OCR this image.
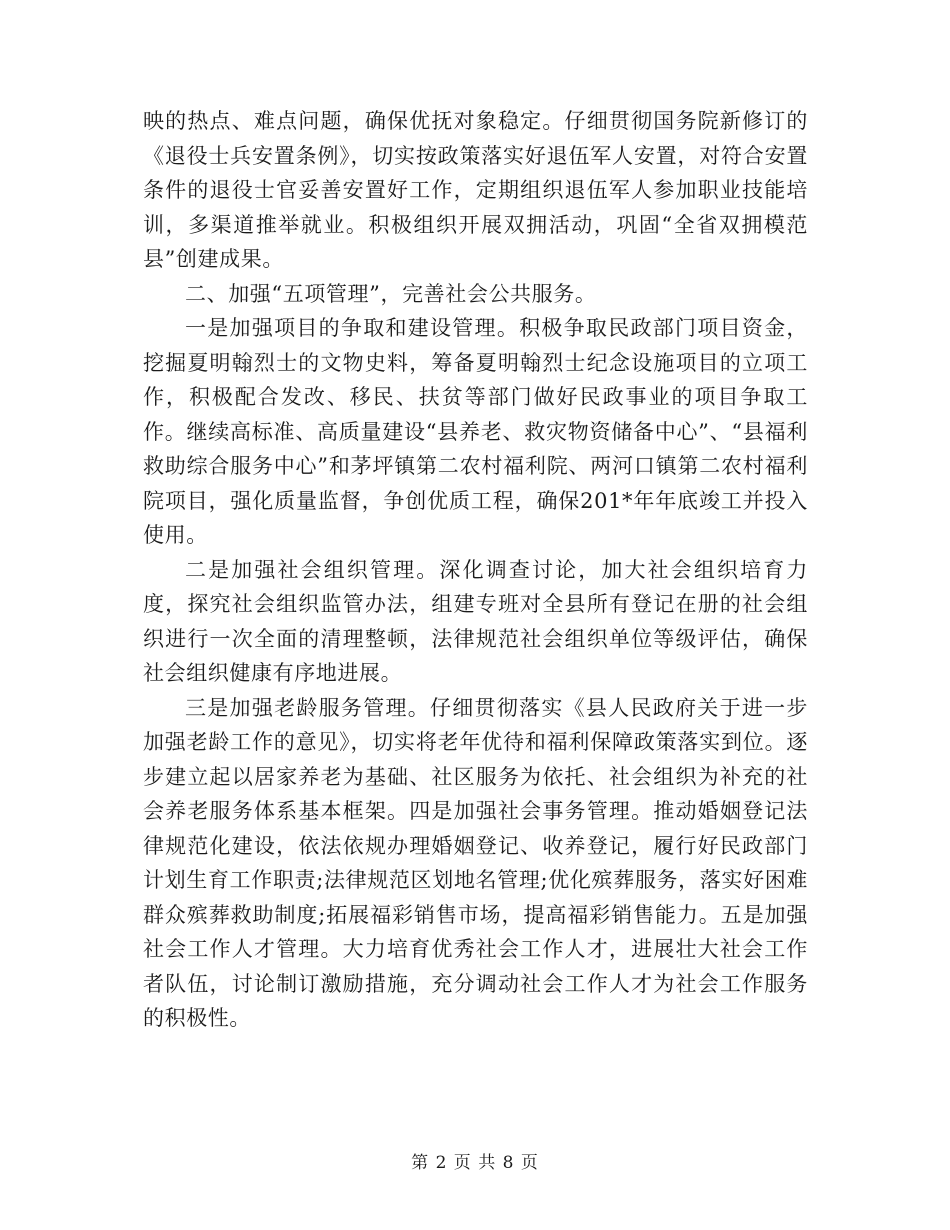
映的热点、难点问题，确保优抚对象稳定。仔细贯彻国务院新修订的《退役士兵安置条例》，切实按政策落实好退伍军人安置，对符合安置条件的退役士官妥善安置好工作，定期组织退伍军人参加职业技能培训，多渠道推举就业。积极组织开展双拥活动，巩固“全省双拥模范县”创建成果。

二、加强“五项管理”，完善社会公共服务。

一是加强项目的争取和建设管理。积极争取民政部门项目资金，挖掘夏明翰烈士的文物史料，筹备夏明翰烈士纪念设施项目的立项工作，积极配合发改、移民、扶贫等部门做好民政事业的项目争取工作。继续高标准、高质量建设“县养老、救灾物资储备中心”、“县福利救助综合服务中心”和茅坪镇第二农村福利院、两河口镇第二农村福利院项目，强化质量监督，争创优质工程，确保201*年年底竣工并投入使用。

二是加强社会组织管理。深化调查讨论，加大社会组织培育力度，探究社会组织监管办法，组建专班对全县所有登记在册的社会组织进行一次全面的清理整顿，法律规范社会组织单位等级评估，确保社会组织健康有序地进展。

三是加强老龄服务管理。仔细贯彻落实《县人民政府关于进一步加强老龄工作的意见》，切实将老年优待和福利保障政策落实到位。逐步建立起以居家养老为基础、社区服务为依托、社会组织为补充的社会养老服务体系基本框架。四是加强社会事务管理。推动婚姻登记法律规范化建设，依法依规办理婚姻登记、收养登记，履行好民政部门计划生育工作职责;法律规范区划地名管理;优化殡葬服务，落实好困难群众殡葬救助制度;拓展福彩销售市场，提高福彩销售能力。五是加强社会工作人才管理。大力培育优秀社会工作人才，进展壮大社会工作者队伍，讨论制订激励措施，充分调动社会工作人才为社会工作服务的积极性。

第 2 页 共 8 页
